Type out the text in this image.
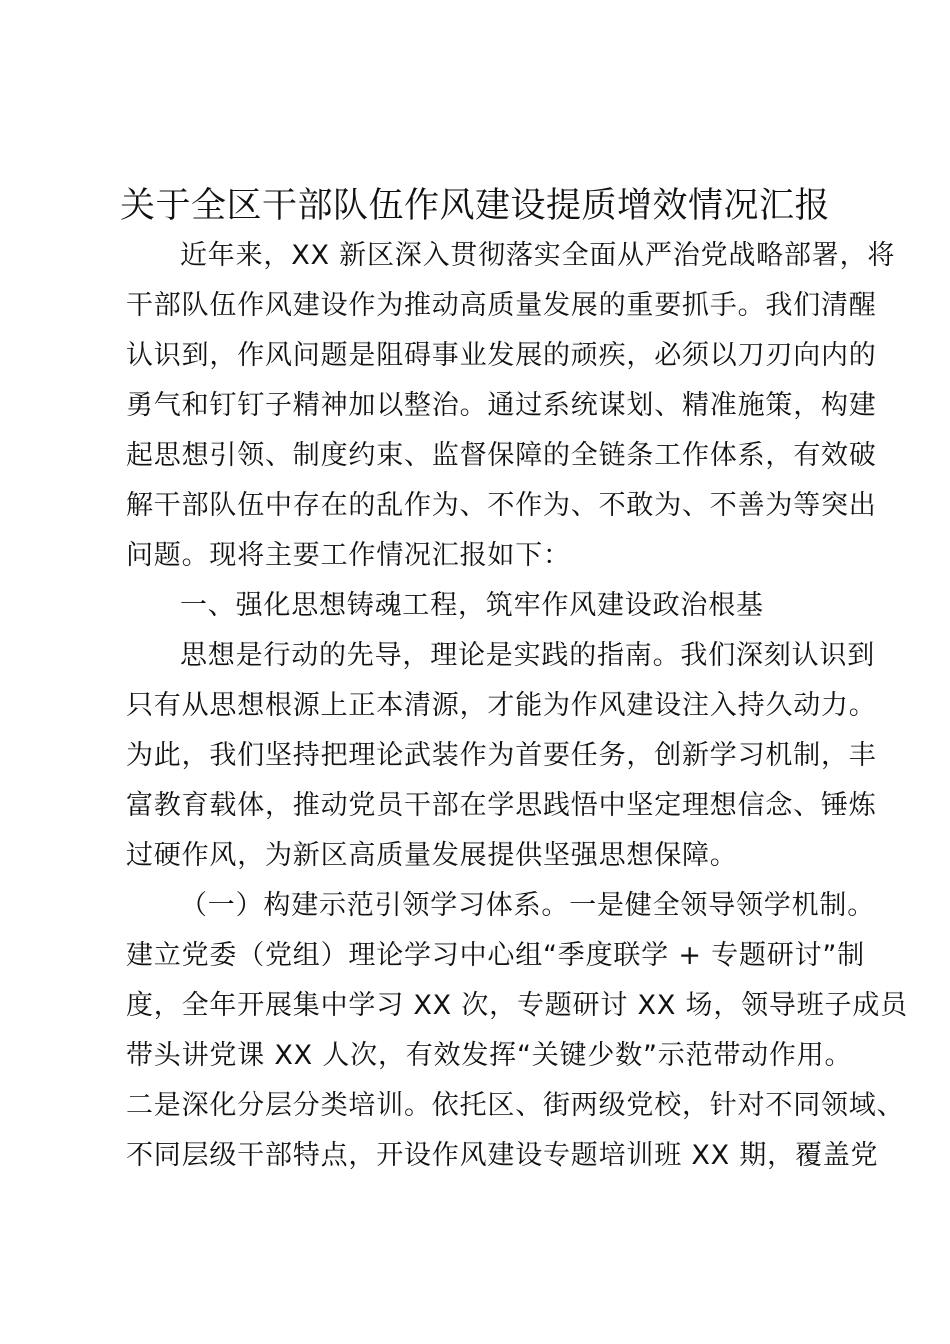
关于全区干部队伍作风建设提质增效情况汇报
近年来，XX 新区深入贯彻落实全面从严治党战略部署，将
干部队伍作风建设作为推动高质量发展的重要抓手。我们清醒
认识到，作风问题是阻碍事业发展的顽疾，必须以刀刃向内的
勇气和钉钉子精神加以整治。通过系统谋划、精准施策，构建
起思想引领、制度约束、监督保障的全链条工作体系，有效破
解干部队伍中存在的乱作为、不作为、不敢为、不善为等突出
问题。现将主要工作情况汇报如下：
一、强化思想铸魂工程，筑牢作风建设政治根基
思想是行动的先导，理论是实践的指南。我们深刻认识到
只有从思想根源上正本清源，才能为作风建设注入持久动力。
为此，我们坚持把理论武装作为首要任务，创新学习机制，丰
富教育载体，推动党员干部在学思践悟中坚定理想信念、锤炼
过硬作风，为新区高质量发展提供坚强思想保障。
（一）构建示范引领学习体系。一是健全领导领学机制。
建立党委（党组）理论学习中心组“季度联学 + 专题研讨”制
度，全年开展集中学习 XX 次，专题研讨 XX 场，领导班子成员
带头讲党课 XX 人次，有效发挥“关键少数”示范带动作用。
二是深化分层分类培训。依托区、街两级党校，针对不同领域、
不同层级干部特点，开设作风建设专题培训班 XX 期，覆盖党
